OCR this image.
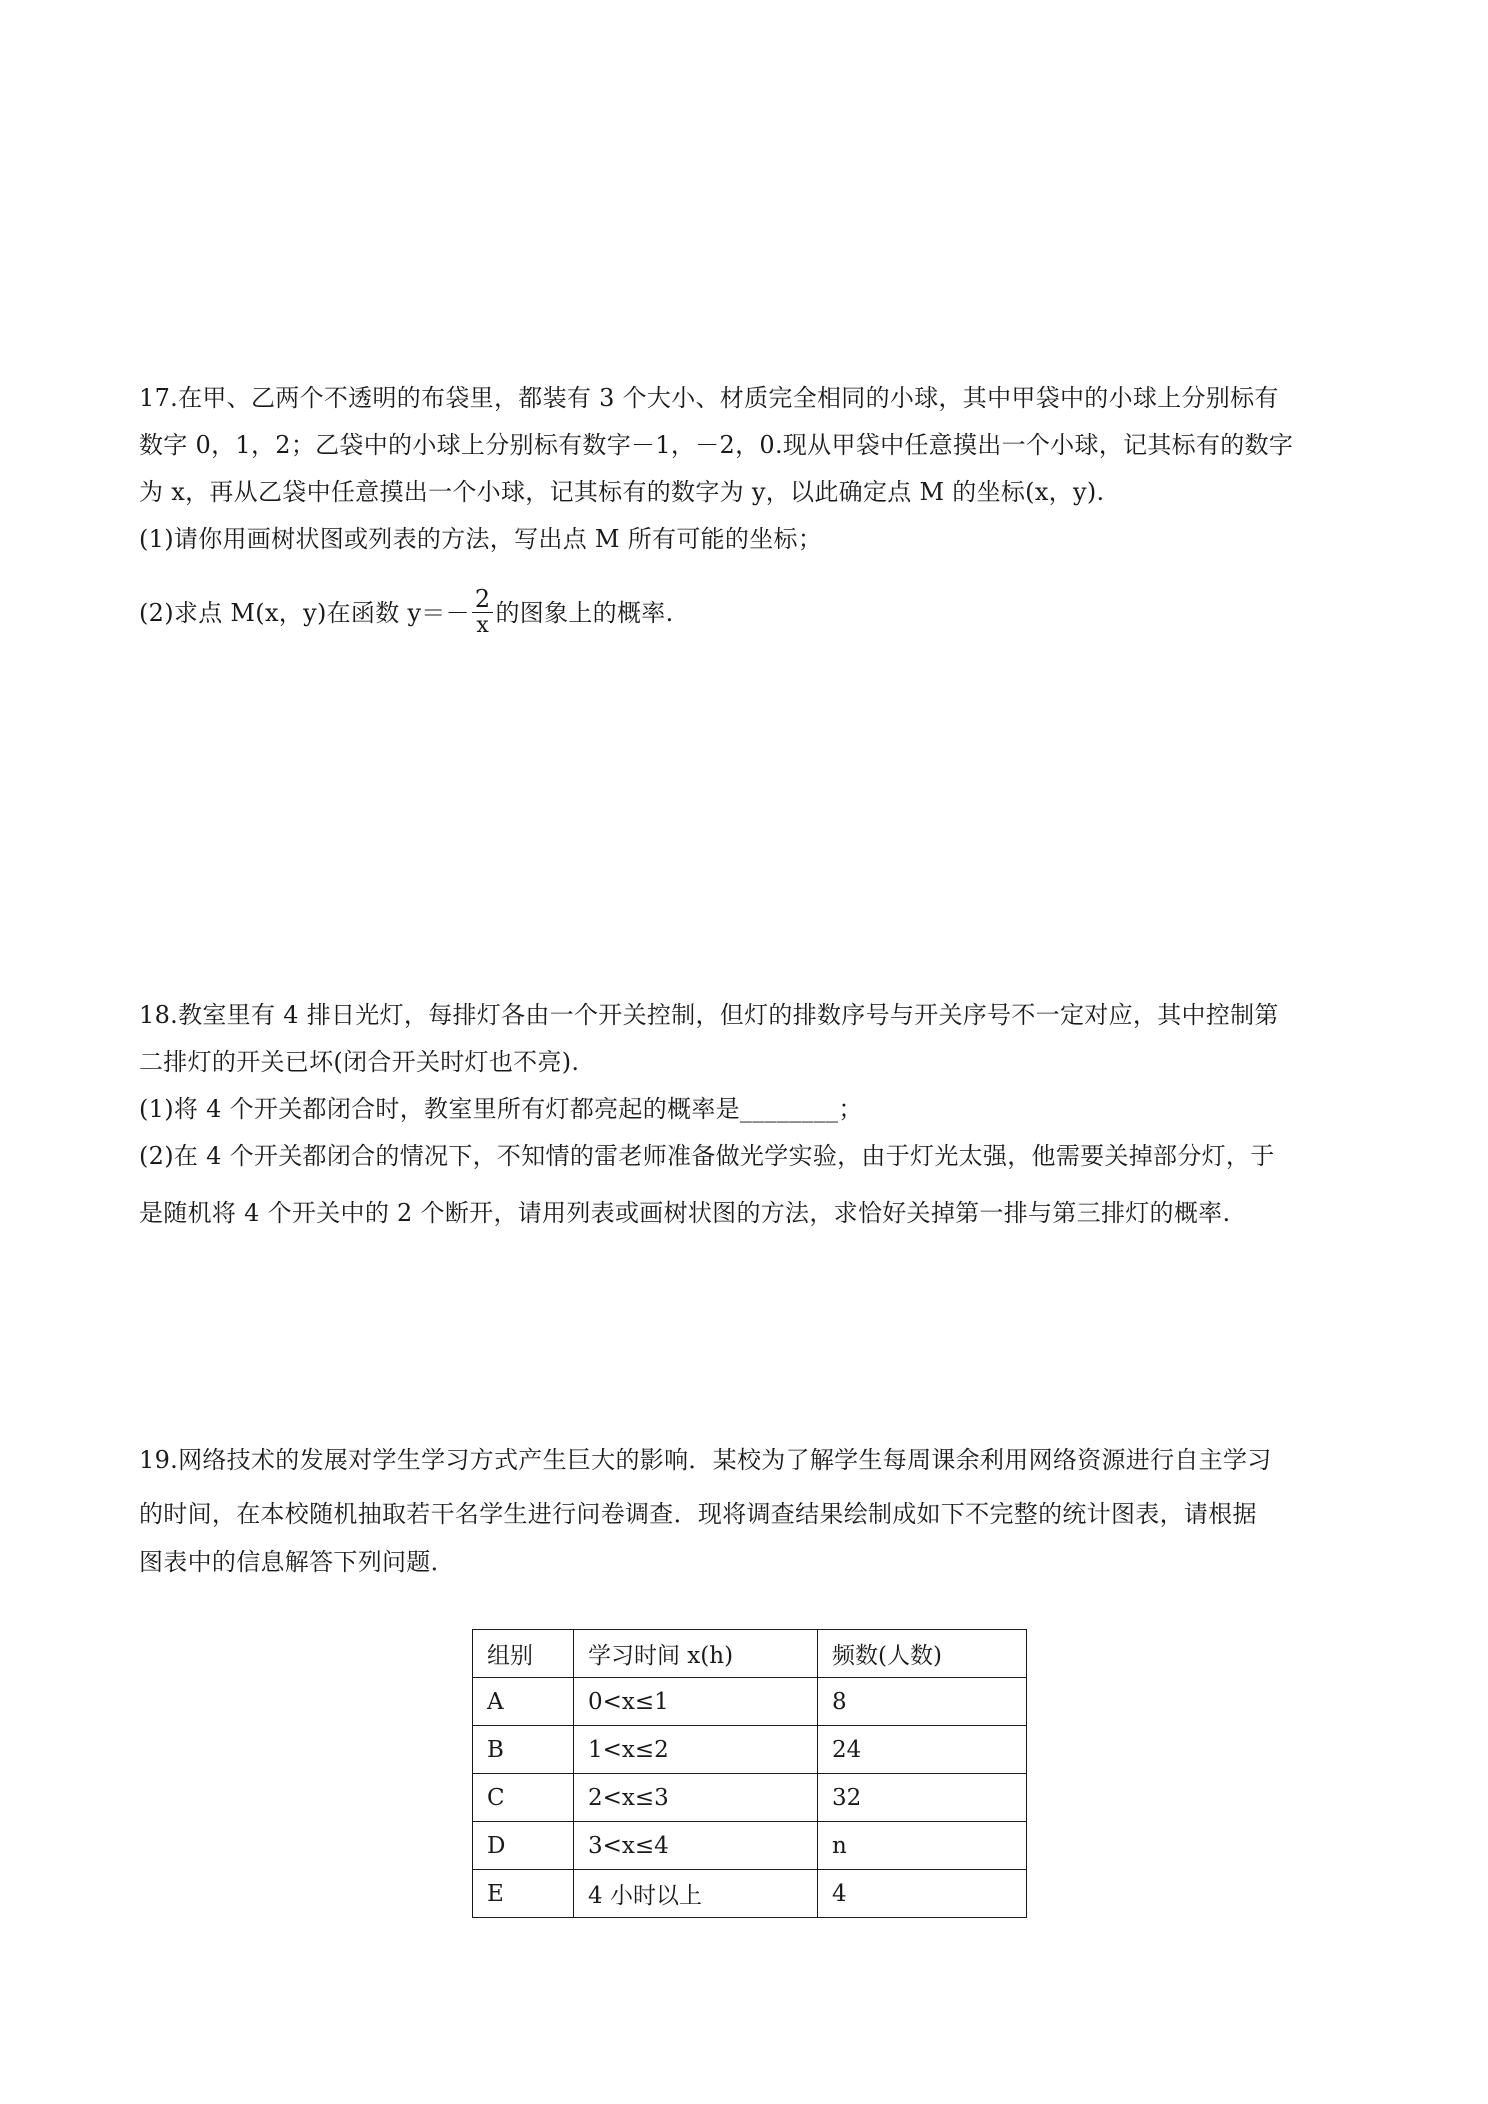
17.在甲、乙两个不透明的布袋里，都装有 3 个大小、材质完全相同的小球，其中甲袋中的小球上分别标有
数字 0，1，2；乙袋中的小球上分别标有数字－1，－2，0.现从甲袋中任意摸出一个小球，记其标有的数字
为 x，再从乙袋中任意摸出一个小球，记其标有的数字为 y，以此确定点 M 的坐标(x，y).
(1)请你用画树状图或列表的方法，写出点 M 所有可能的坐标；
(2)求点 M(x，y)在函数 $y=- \frac{2}{x}$ 的图象上的概率.
18.教室里有 4 排日光灯，每排灯各由一个开关控制，但灯的排数序号与开关序号不一定对应，其中控制第
二排灯的开关已坏(闭合开关时灯也不亮).
(1)将 4 个开关都闭合时，教室里所有灯都亮起的概率是________；
(2)在 4 个开关都闭合的情况下，不知情的雷老师准备做光学实验，由于灯光太强，他需要关掉部分灯，于
是随机将 4 个开关中的 2 个断开，请用列表或画树状图的方法，求恰好关掉第一排与第三排灯的概率.
19.网络技术的发展对学生学习方式产生巨大的影响．某校为了解学生每周课余利用网络资源进行自主学习
的时间，在本校随机抽取若干名学生进行问卷调查．现将调查结果绘制成如下不完整的统计图表，请根据
图表中的信息解答下列问题．
组别	学习时间 x(h)	频数(人数)
A	0<x≤1	8
B	1<x≤2	24
C	2<x≤3	32
D	3<x≤4	n
E	4 小时以上	4
